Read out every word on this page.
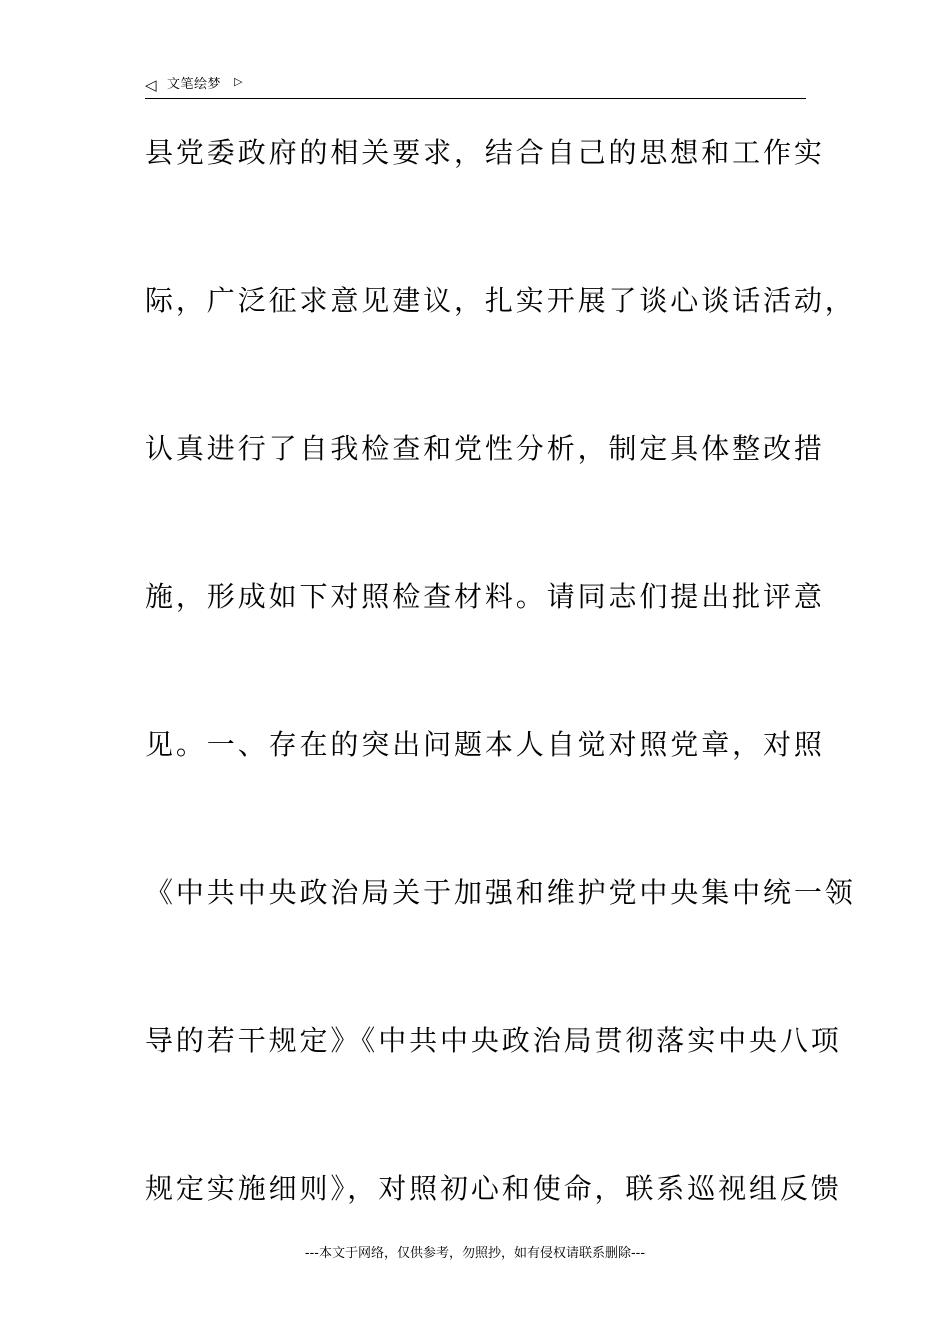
◁ 文笔绘梦 ▷
县党委政府的相关要求，结合自己的思想和工作实
际，广泛征求意见建议，扎实开展了谈心谈话活动，
认真进行了自我检查和党性分析，制定具体整改措
施，形成如下对照检查材料。请同志们提出批评意
见。一、存在的突出问题本人自觉对照党章，对照
《中共中央政治局关于加强和维护党中央集中统一领
导的若干规定》《中共中央政治局贯彻落实中央八项
规定实施细则》，对照初心和使命，联系巡视组反馈
---本文于网络，仅供参考，勿照抄，如有侵权请联系删除---
